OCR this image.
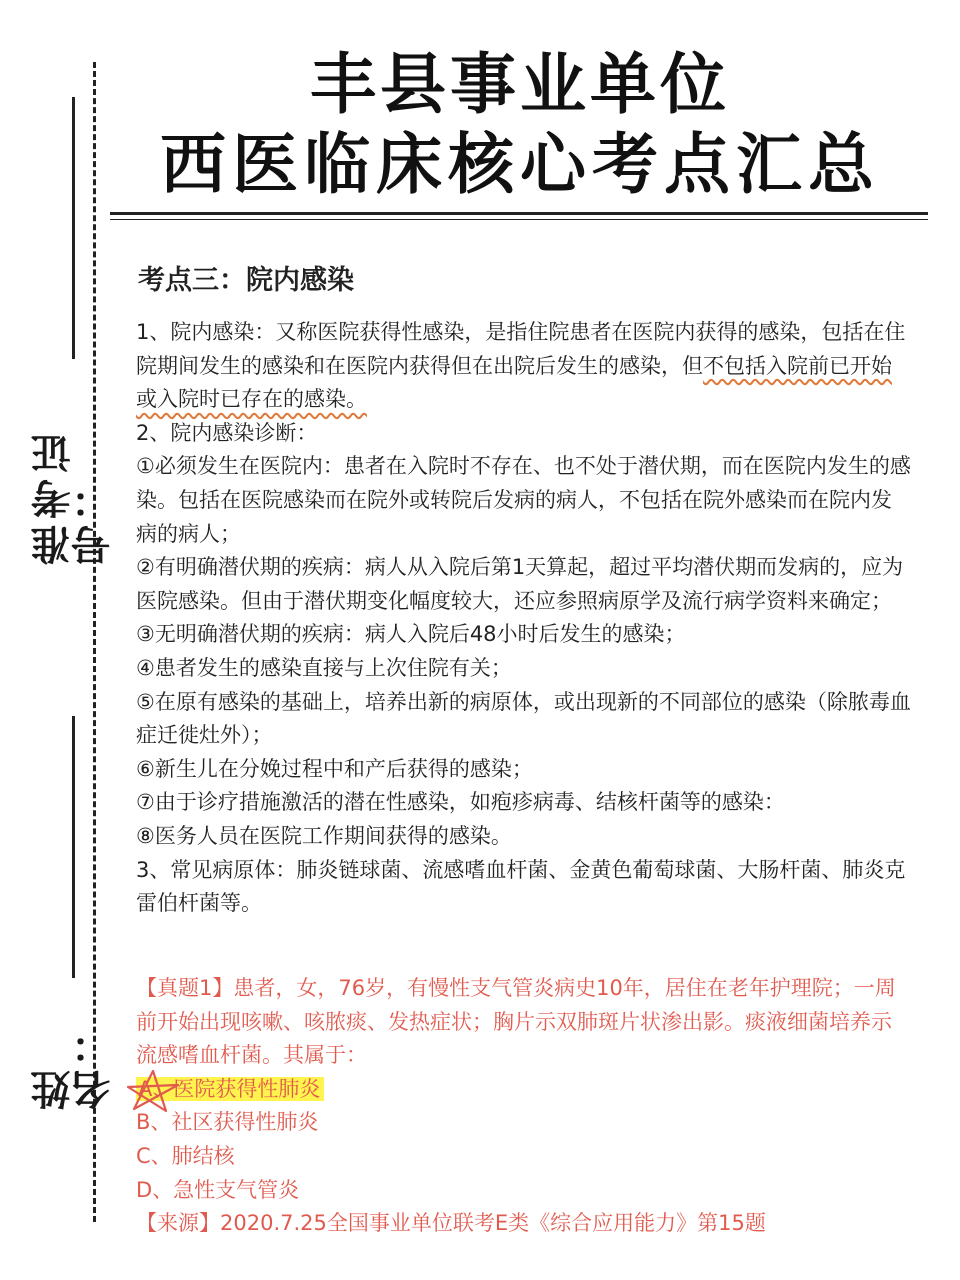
准考证号：
姓名：
丰县事业单位
西医临床核心考点汇总
考点三：院内感染

1、院内感染：又称医院获得性感染，是指住院患者在医院内获得的感染，包括在住院期间发生的感染和在医院内获得但在出院后发生的感染，但不包括入院前已开始或入院时已存在的感染。

2、院内感染诊断：

①必须发生在医院内：患者在入院时不存在、也不处于潜伏期，而在医院内发生的感染。包括在医院感染而在院外或转院后发病的病人，不包括在院外感染而在院内发病的病人；

②有明确潜伏期的疾病：病人从入院后第1天算起，超过平均潜伏期而发病的，应为医院感染。但由于潜伏期变化幅度较大，还应参照病原学及流行病学资料来确定；

③无明确潜伏期的疾病：病人入院后48小时后发生的感染；

④患者发生的感染直接与上次住院有关；

⑤在原有感染的基础上，培养出新的病原体，或出现新的不同部位的感染（除脓毒血症迁徙灶外）；

⑥新生儿在分娩过程中和产后获得的感染；

⑦由于诊疗措施激活的潜在性感染，如疱疹病毒、结核杆菌等的感染：

⑧医务人员在医院工作期间获得的感染。

3、常见病原体：肺炎链球菌、流感嗜血杆菌、金黄色葡萄球菌、大肠杆菌、肺炎克雷伯杆菌等。

【真题1】患者，女，76岁，有慢性支气管炎病史10年，居住在老年护理院；一周前开始出现咳嗽、咳脓痰、发热症状；胸片示双肺斑片状渗出影。痰液细菌培养示流感嗜血杆菌。其属于：

A、医院获得性肺炎
B、社区获得性肺炎
C、肺结核
D、急性支气管炎

【来源】2020.7.25全国事业单位联考E类《综合应用能力》第15题
